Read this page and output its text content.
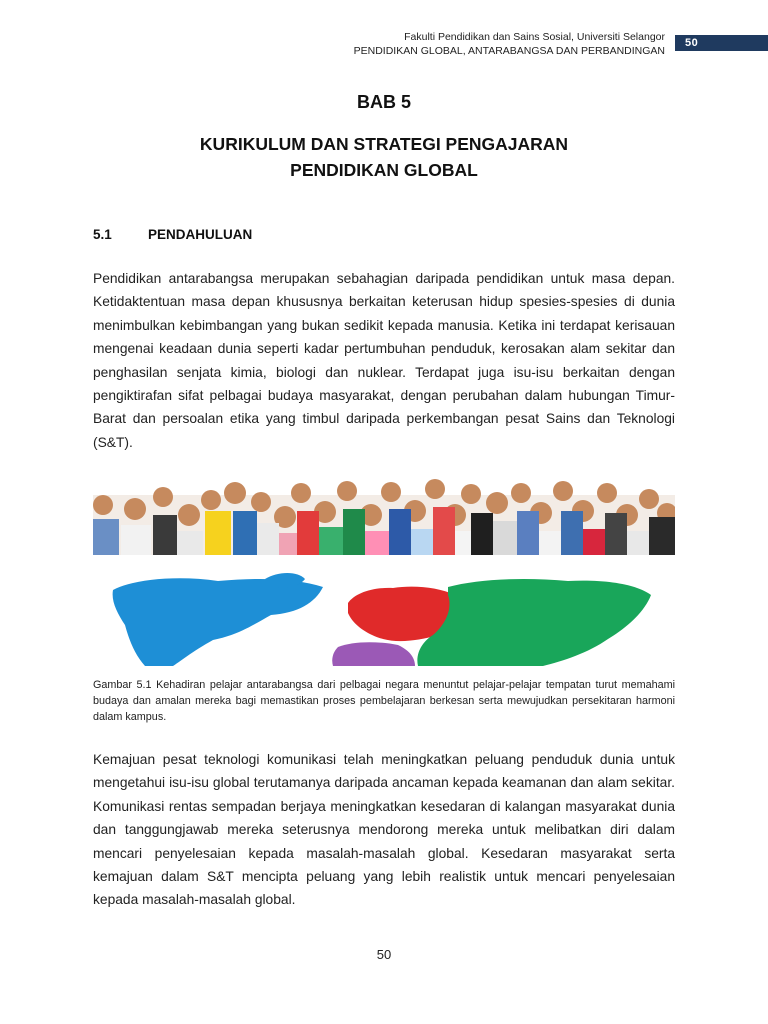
Fakulti Pendidikan dan Sains Sosial, Universiti Selangor
PENDIDIKAN GLOBAL, ANTARABANGSA DAN PERBANDINGAN
50
BAB 5
KURIKULUM DAN STRATEGI PENGAJARAN
PENDIDIKAN GLOBAL
5.1	PENDAHULUAN

Pendidikan antarabangsa merupakan sebahagian daripada pendidikan untuk masa depan. Ketidaktentuan masa depan khususnya berkaitan keterusan hidup spesies-spesies di dunia menimbulkan kebimbangan yang bukan sedikit kepada manusia. Ketika ini terdapat kerisauan mengenai keadaan dunia seperti kadar pertumbuhan penduduk, kerosakan alam sekitar dan penghasilan senjata kimia, biologi dan nuklear. Terdapat juga isu-isu berkaitan dengan pengiktirafan sifat pelbagai budaya masyarakat, dengan perubahan dalam hubungan Timur-Barat dan persoalan etika yang timbul daripada perkembangan pesat Sains dan Teknologi (S&T).

Gambar 5.1 Kehadiran pelajar antarabangsa dari pelbagai negara menuntut pelajar-pelajar tempatan turut memahami budaya dan amalan mereka bagi memastikan proses pembelajaran berkesan serta mewujudkan persekitaran harmoni dalam kampus.

Kemajuan pesat teknologi komunikasi telah meningkatkan peluang penduduk dunia untuk mengetahui isu-isu global terutamanya daripada ancaman kepada keamanan dan alam sekitar. Komunikasi rentas sempadan berjaya meningkatkan kesedaran di kalangan masyarakat dunia dan tanggungjawab mereka seterusnya mendorong mereka untuk melibatkan diri dalam mencari penyelesaian kepada masalah-masalah global. Kesedaran masyarakat serta kemajuan dalam S&T mencipta peluang yang lebih realistik untuk mencari penyelesaian kepada masalah-masalah global.

50
